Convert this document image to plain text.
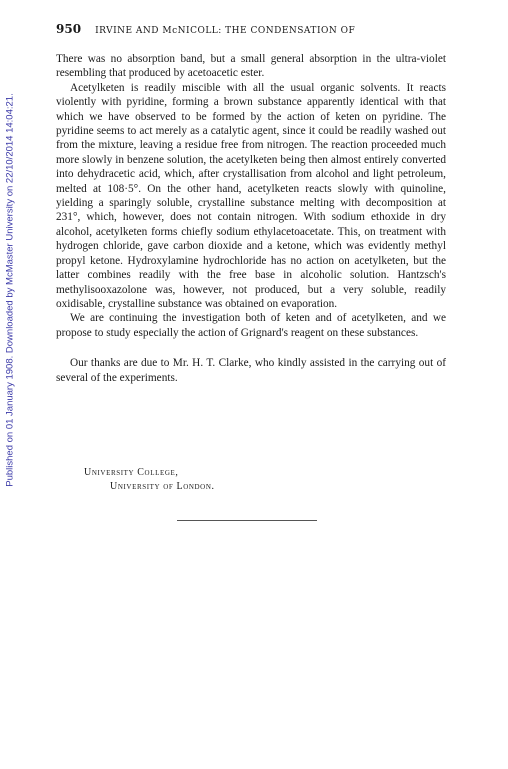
Published on 01 January 1908. Downloaded by McMaster University on 22/10/2014 14:04:21.
950 IRVINE AND McNICOLL: THE CONDENSATION OF

There was no absorption band, but a small general absorption in the ultra-violet resembling that produced by acetoacetic ester.

Acetylketen is readily miscible with all the usual organic solvents. It reacts violently with pyridine, forming a brown substance apparently identical with that which we have observed to be formed by the action of keten on pyridine. The pyridine seems to act merely as a catalytic agent, since it could be readily washed out from the mixture, leaving a residue free from nitrogen. The reaction proceeded much more slowly in benzene solution, the acetylketen being then almost entirely converted into dehydracetic acid, which, after crystallisation from alcohol and light petroleum, melted at 108·5°. On the other hand, acetylketen reacts slowly with quinoline, yielding a sparingly soluble, crystalline substance melting with decomposition at 231°, which, however, does not contain nitrogen. With sodium ethoxide in dry alcohol, acetylketen forms chiefly sodium ethylacetoacetate. This, on treatment with hydrogen chloride, gave carbon dioxide and a ketone, which was evidently methyl propyl ketone. Hydroxylamine hydrochloride has no action on acetylketen, but the latter combines readily with the free base in alcoholic solution. Hantzsch's methylisooxazolone was, however, not produced, but a very soluble, readily oxidisable, crystalline substance was obtained on evaporation.

We are continuing the investigation both of keten and of acetylketen, and we propose to study especially the action of Grignard's reagent on these substances.

Our thanks are due to Mr. H. T. Clarke, who kindly assisted in the carrying out of several of the experiments.

University College,
University of London.
